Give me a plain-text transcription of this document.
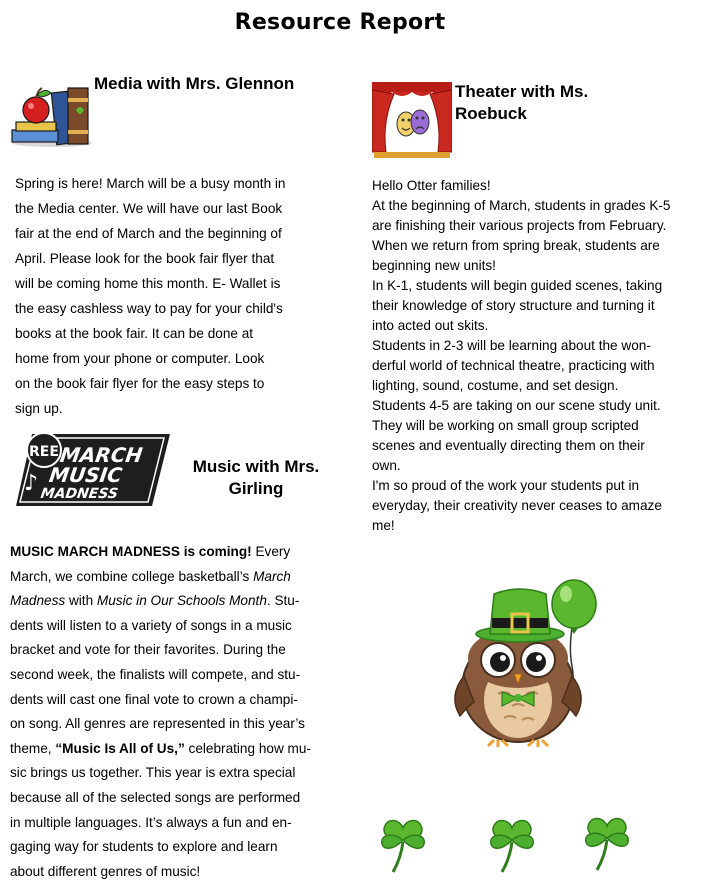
Resource Report
Media with Mrs. Glennon

Spring is here! March will be a busy month in

the Media center. We will have our last Book

fair at the end of March and the beginning of

April. Please look for the book fair flyer that

will be coming home this month. E- Wallet is

the easy cashless way to pay for your child's

books at the book fair. It can be done at

home from your phone or computer. Look

on the book fair flyer for the easy steps to

sign up.

REE MARCH
MUSIC
MADNESS
♪
Music with Mrs.
Girling

MUSIC MARCH MADNESS is coming! Every

March, we combine college basketball’s March

Madness with Music in Our Schools Month. Stu-

dents will listen to a variety of songs in a music

bracket and vote for their favorites. During the

second week, the finalists will compete, and stu-

dents will cast one final vote to crown a champi-

on song. All genres are represented in this year’s

theme, “Music Is All of Us,” celebrating how mu-

sic brings us together. This year is extra special

because all of the selected songs are performed

in multiple languages. It’s always a fun and en-

gaging way for students to explore and learn

about different genres of music!

Theater with Ms.
Roebuck

Hello Otter families!

At the beginning of March, students in grades K-5

are finishing their various projects from February.

When we return from spring break, students are

beginning new units!

In K-1, students will begin guided scenes, taking

their knowledge of story structure and turning it

into acted out skits.

Students in 2-3 will be learning about the won-

derful world of technical theatre, practicing with

lighting, sound, costume, and set design.

Students 4-5 are taking on our scene study unit.

They will be working on small group scripted

scenes and eventually directing them on their

own.

I'm so proud of the work your students put in

everyday, their creativity never ceases to amaze

me!
